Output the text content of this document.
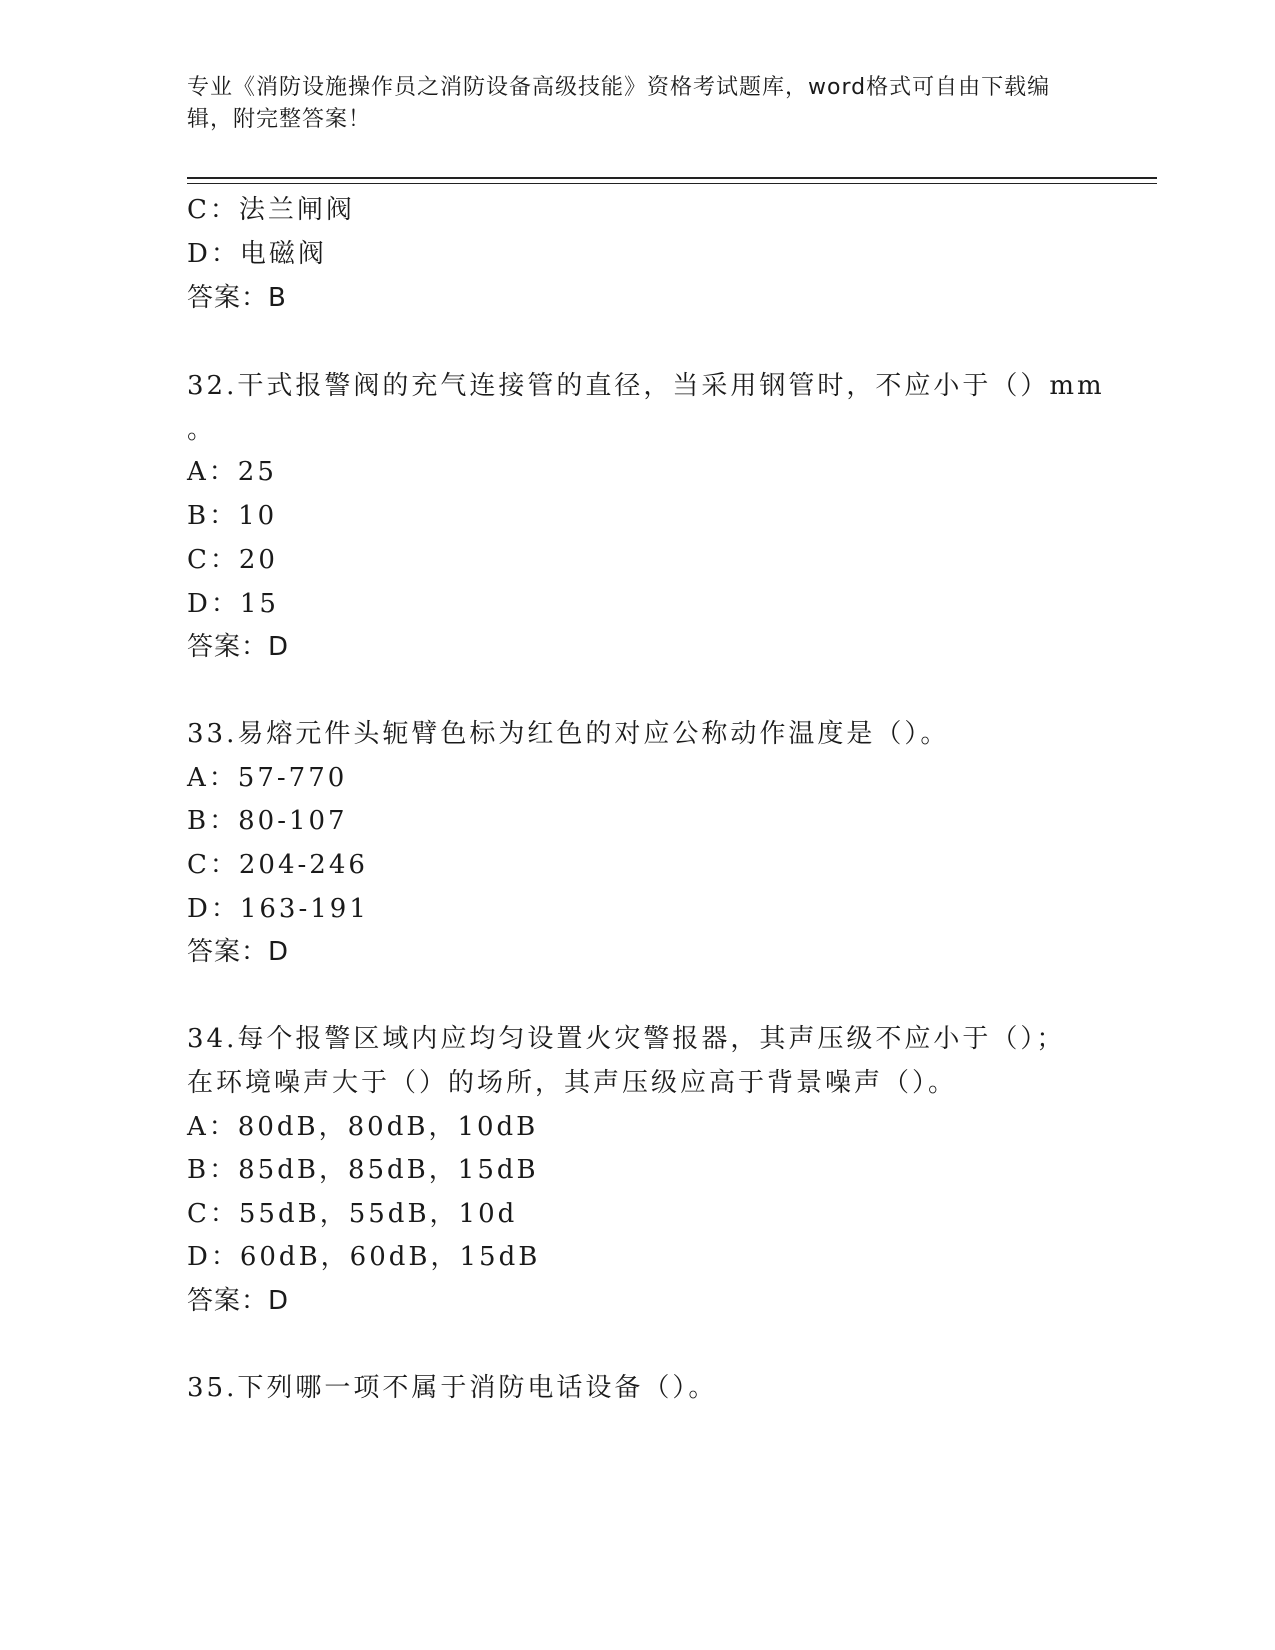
专业《消防设施操作员之消防设备高级技能》资格考试题库，word格式可自由下载编辑，附完整答案！
C：法兰闸阀
D：电磁阀
答案：B
32.干式报警阀的充气连接管的直径，当采用钢管时，不应小于（）mm
。
A：25
B：10
C：20
D：15
答案：D
33.易熔元件头轭臂色标为红色的对应公称动作温度是（）。
A：57-770
B：80-107
C：204-246
D：163-191
答案：D
34.每个报警区域内应均匀设置火灾警报器，其声压级不应小于（）；
在环境噪声大于（）的场所，其声压级应高于背景噪声（）。
A：80dB，80dB，10dB
B：85dB，85dB，15dB
C：55dB，55dB，10d
D：60dB，60dB，15dB
答案：D
35.下列哪一项不属于消防电话设备（）。
